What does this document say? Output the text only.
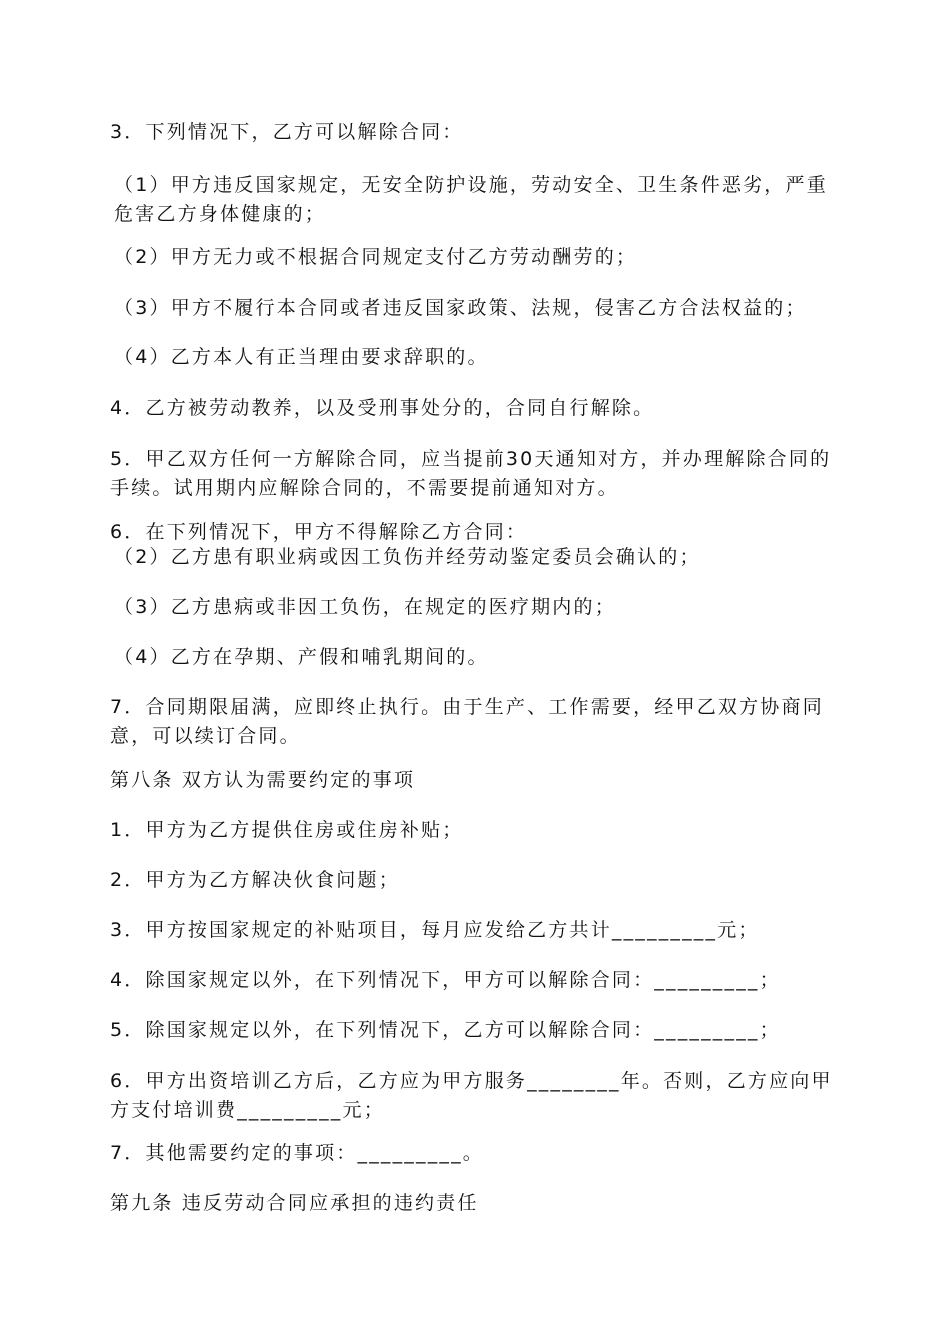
3．下列情况下，乙方可以解除合同：
（1）甲方违反国家规定，无安全防护设施，劳动安全、卫生条件恶劣，严重危害乙方身体健康的；
（2）甲方无力或不根据合同规定支付乙方劳动酬劳的；
（3）甲方不履行本合同或者违反国家政策、法规，侵害乙方合法权益的；
（4）乙方本人有正当理由要求辞职的。
4．乙方被劳动教养，以及受刑事处分的，合同自行解除。
5．甲乙双方任何一方解除合同，应当提前30天通知对方，并办理解除合同的手续。试用期内应解除合同的，不需要提前通知对方。
6．在下列情况下，甲方不得解除乙方合同：
（2）乙方患有职业病或因工负伤并经劳动鉴定委员会确认的；
（3）乙方患病或非因工负伤，在规定的医疗期内的；
（4）乙方在孕期、产假和哺乳期间的。
7．合同期限届满，应即终止执行。由于生产、工作需要，经甲乙双方协商同意，可以续订合同。
第八条 双方认为需要约定的事项
1．甲方为乙方提供住房或住房补贴；
2．甲方为乙方解决伙食问题；
3．甲方按国家规定的补贴项目，每月应发给乙方共计_________元；
4．除国家规定以外，在下列情况下，甲方可以解除合同：_________；
5．除国家规定以外，在下列情况下，乙方可以解除合同：_________；
6．甲方出资培训乙方后，乙方应为甲方服务________年。否则，乙方应向甲方支付培训费_________元；
7．其他需要约定的事项：_________。
第九条 违反劳动合同应承担的违约责任
